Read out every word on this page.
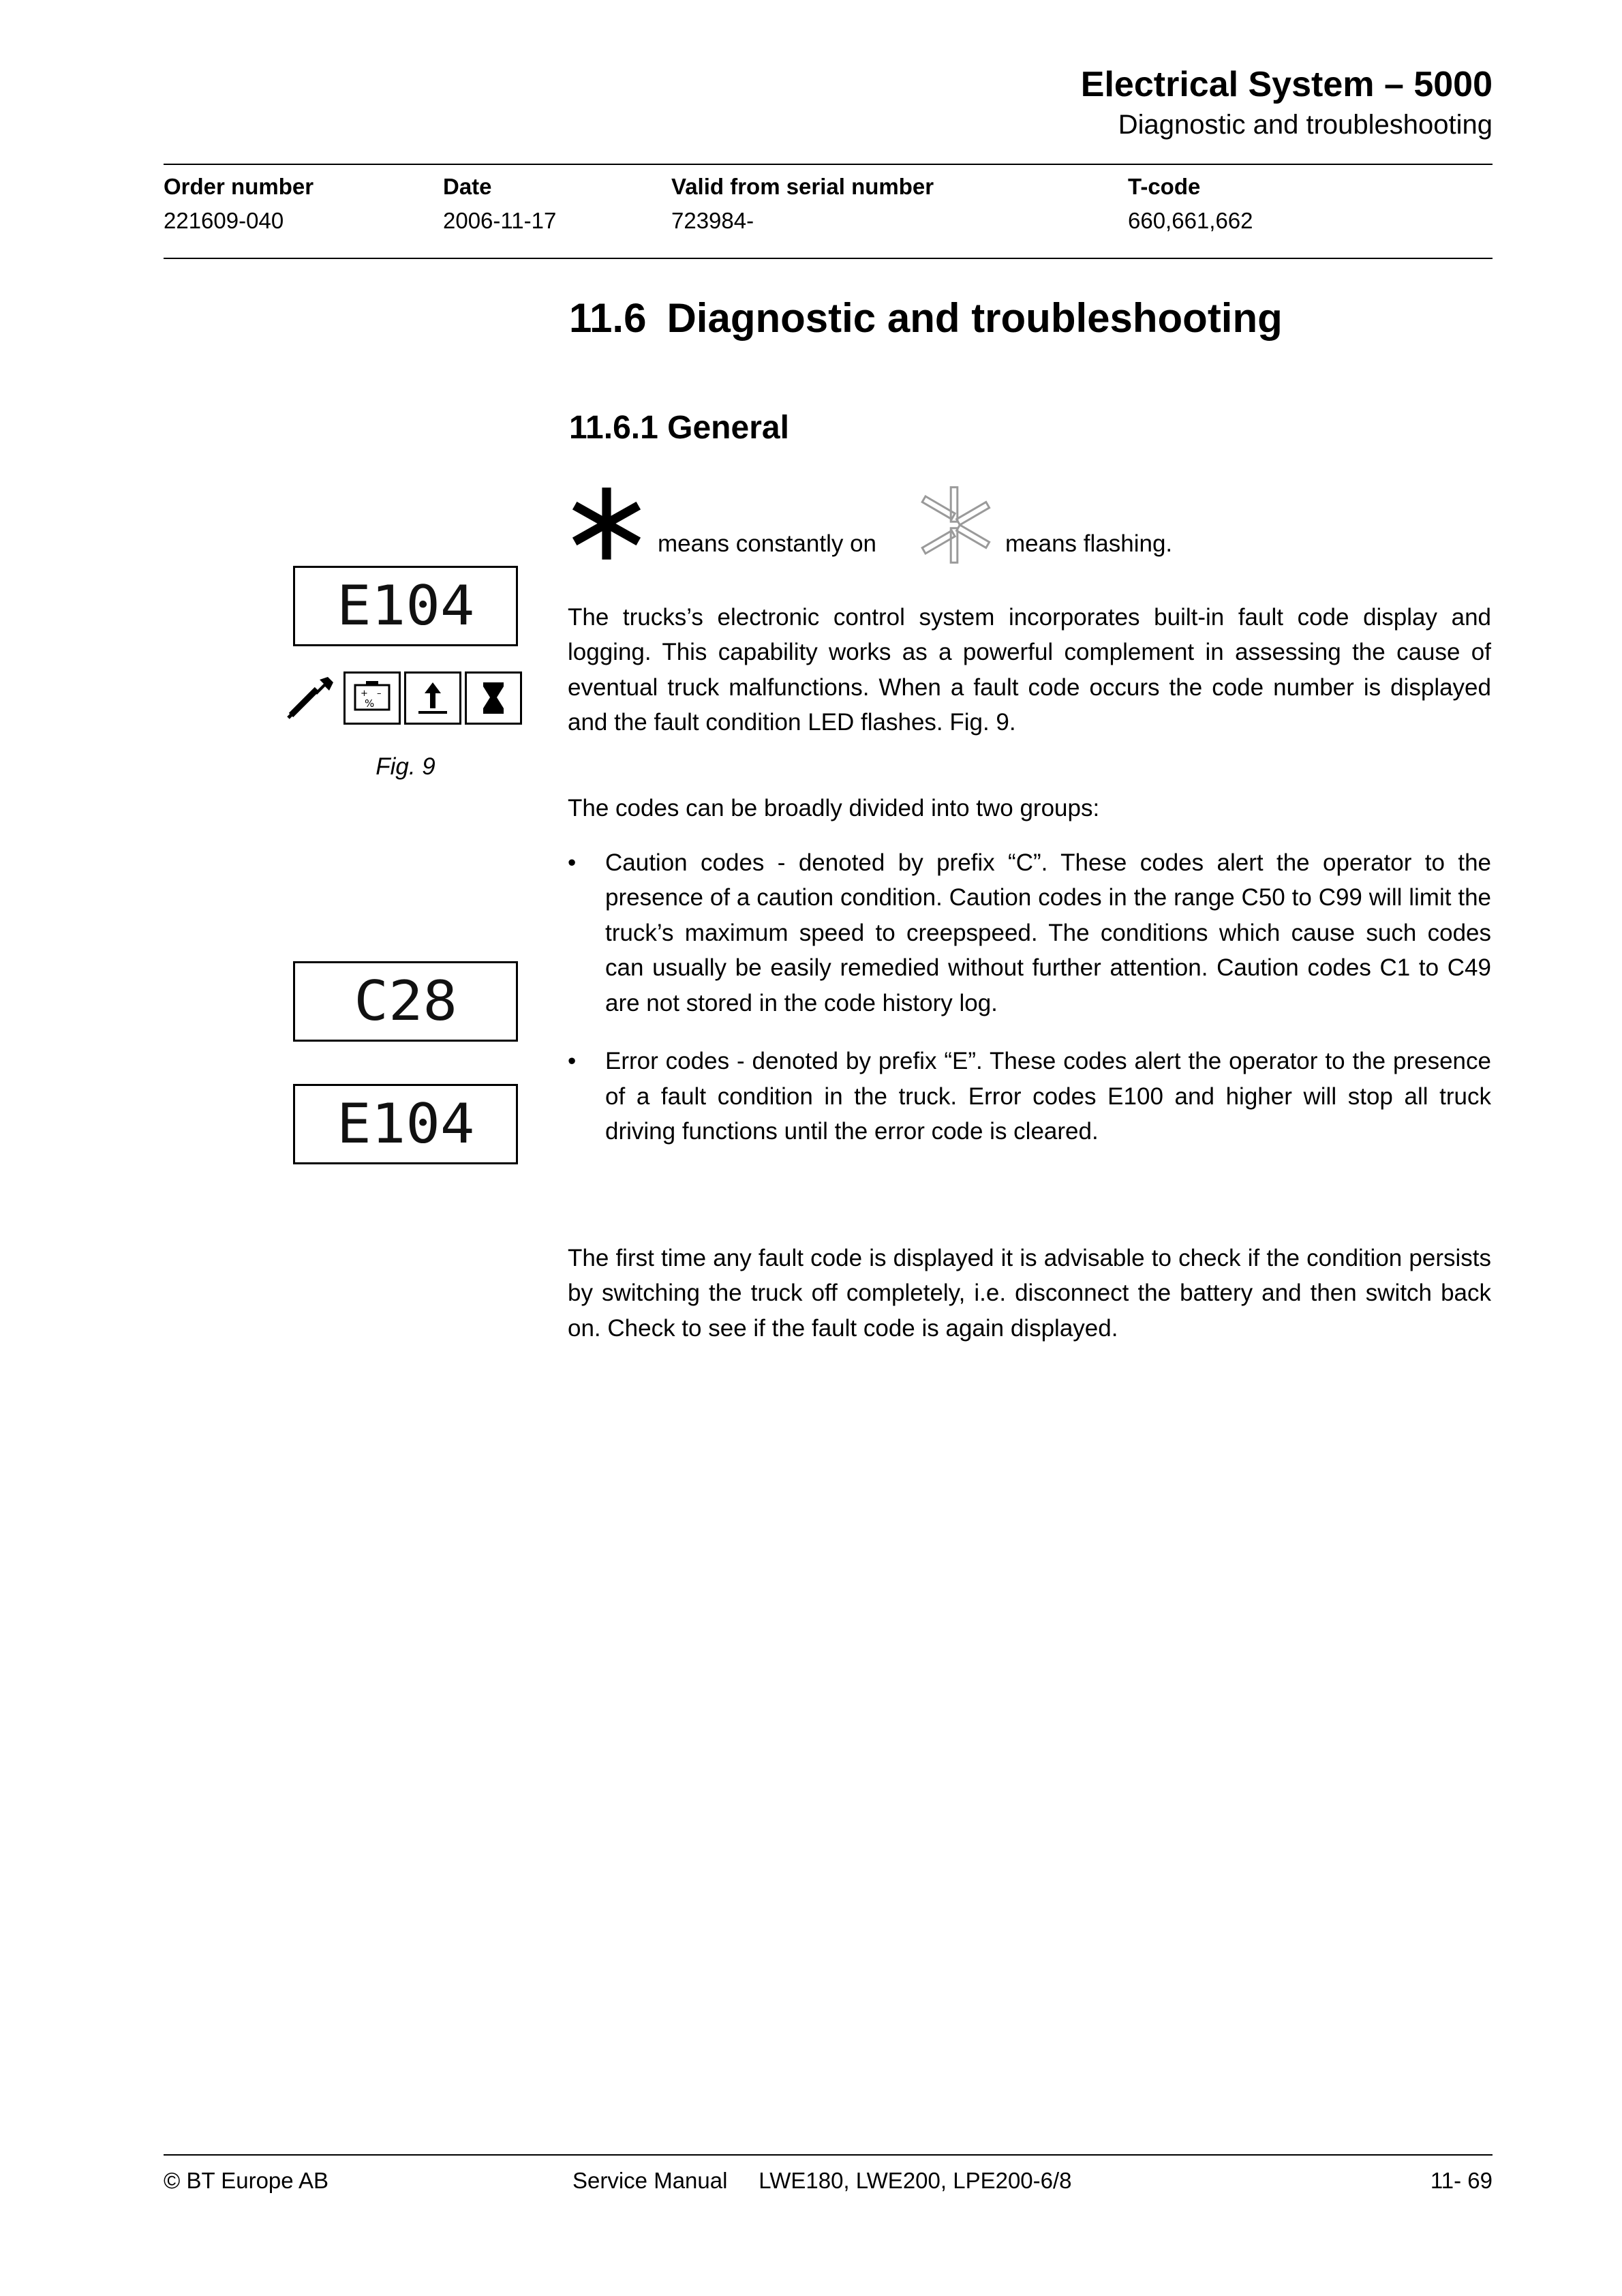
Electrical System – 5000
Diagnostic and troubleshooting
Order number	Date	Valid from serial number	T-code
221609-040	2006-11-17	723984-	660,661,662
11.6 Diagnostic and troubleshooting
11.6.1 General
means constantly on	means flashing.
The trucks’s electronic control system incorporates built-in fault code display and logging. This capability works as a powerful complement in assessing the cause of eventual truck malfunctions. When a fault code occurs the code number is displayed and the fault condition LED flashes. Fig. 9.
The codes can be broadly divided into two groups:
•	Caution codes - denoted by prefix “C”. These codes alert the operator to the presence of a caution condition. Caution codes in the range C50 to C99 will limit the truck’s maximum speed to creepspeed. The conditions which cause such codes can usually be easily remedied without further attention. Caution codes C1 to C49 are not stored in the code history log.
•	Error codes - denoted by prefix “E”. These codes alert the operator to the presence of a fault condition in the truck. Error codes E100 and higher will stop all truck driving functions until the error code is cleared.
The first time any fault code is displayed it is advisable to check if the condition persists by switching the truck off completely, i.e. disconnect the battery and then switch back on. Check to see if the fault code is again displayed.
E104
+ –
%
Fig. 9
C28
E104
© BT Europe AB	Service Manual LWE180, LWE200, LPE200-6/8	11- 69
